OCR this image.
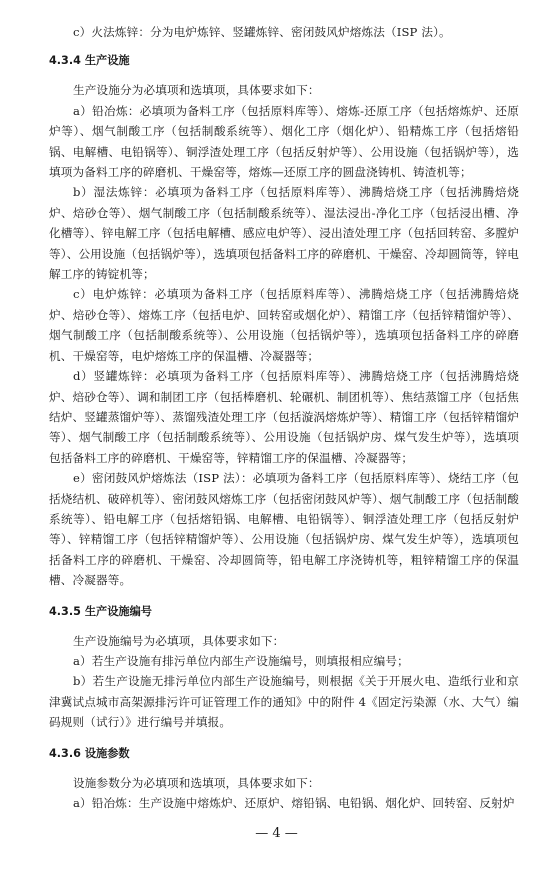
c）火法炼锌：分为电炉炼锌、竖罐炼锌、密闭鼓风炉熔炼法（ISP 法）。

4.3.4 生产设施

生产设施分为必填项和选填项，具体要求如下：

a）铅冶炼：必填项为备料工序（包括原料库等）、熔炼-还原工序（包括熔炼炉、还原炉等）、烟气制酸工序（包括制酸系统等）、烟化工序（烟化炉）、铅精炼工序（包括熔铅锅、电解槽、电铅锅等）、铜浮渣处理工序（包括反射炉等）、公用设施（包括锅炉等），选填项为备料工序的碎磨机、干燥窑等，熔炼—还原工序的圆盘浇铸机、铸渣机等；

b）湿法炼锌：必填项为备料工序（包括原料库等）、沸腾焙烧工序（包括沸腾焙烧炉、焙砂仓等）、烟气制酸工序（包括制酸系统等）、湿法浸出-净化工序（包括浸出槽、净化槽等）、锌电解工序（包括电解槽、感应电炉等）、浸出渣处理工序（包括回转窑、多膛炉等）、公用设施（包括锅炉等），选填项包括备料工序的碎磨机、干燥窑、冷却圆筒等，锌电解工序的铸锭机等；

c）电炉炼锌：必填项为备料工序（包括原料库等）、沸腾焙烧工序（包括沸腾焙烧炉、焙砂仓等）、熔炼工序（包括电炉、回转窑或烟化炉）、精馏工序（包括锌精馏炉等）、烟气制酸工序（包括制酸系统等）、公用设施（包括锅炉等），选填项包括备料工序的碎磨机、干燥窑等，电炉熔炼工序的保温槽、冷凝器等；

d）竖罐炼锌：必填项为备料工序（包括原料库等）、沸腾焙烧工序（包括沸腾焙烧炉、焙砂仓等）、调和制团工序（包括棒磨机、轮碾机、制团机等）、焦结蒸馏工序（包括焦结炉、竖罐蒸馏炉等）、蒸馏残渣处理工序（包括漩涡熔炼炉等）、精馏工序（包括锌精馏炉等）、烟气制酸工序（包括制酸系统等）、公用设施（包括锅炉房、煤气发生炉等），选填项包括备料工序的碎磨机、干燥窑等，锌精馏工序的保温槽、冷凝器等；

e）密闭鼓风炉熔炼法（ISP 法）：必填项为备料工序（包括原料库等）、烧结工序（包括烧结机、破碎机等）、密闭鼓风熔炼工序（包括密闭鼓风炉等）、烟气制酸工序（包括制酸系统等）、铅电解工序（包括熔铅锅、电解槽、电铅锅等）、铜浮渣处理工序（包括反射炉等）、锌精馏工序（包括锌精馏炉等）、公用设施（包括锅炉房、煤气发生炉等），选填项包括备料工序的碎磨机、干燥窑、冷却圆筒等，铅电解工序浇铸机等，粗锌精馏工序的保温槽、冷凝器等。

4.3.5 生产设施编号

生产设施编号为必填项，具体要求如下：

a）若生产设施有排污单位内部生产设施编号，则填报相应编号；

b）若生产设施无排污单位内部生产设施编号，则根据《关于开展火电、造纸行业和京津冀试点城市高架源排污许可证管理工作的通知》中的附件 4《固定污染源（水、大气）编码规则（试行）》进行编号并填报。

4.3.6 设施参数

设施参数分为必填项和选填项，具体要求如下：

a）铅冶炼：生产设施中熔炼炉、还原炉、熔铅锅、电铅锅、烟化炉、回转窑、反射炉

— 4 —
